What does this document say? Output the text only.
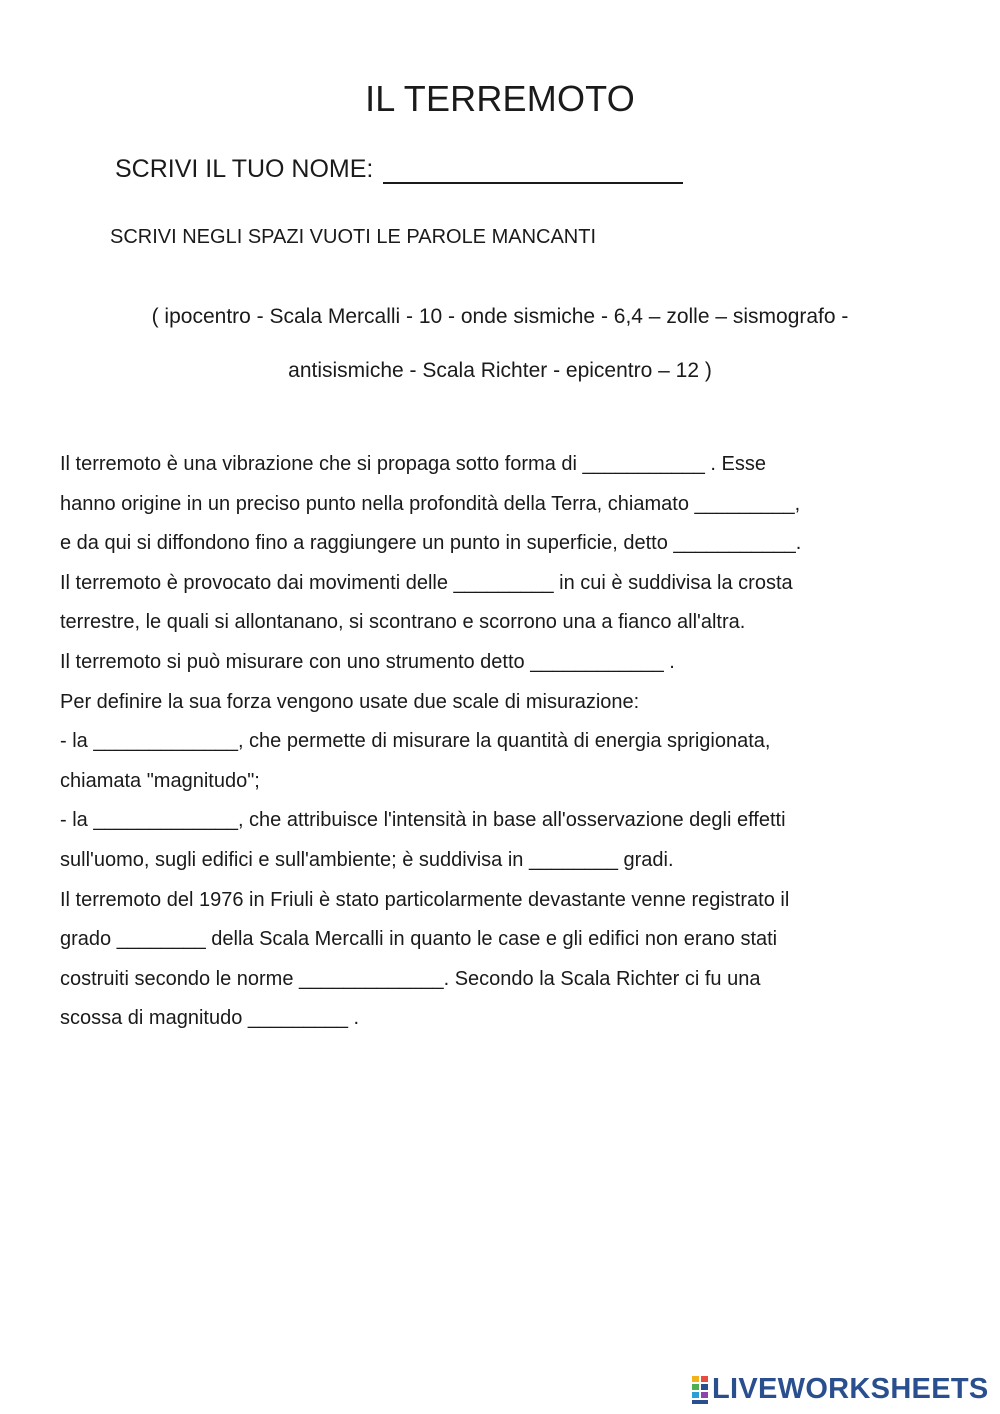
IL TERREMOTO
SCRIVI IL TUO NOME:
SCRIVI NEGLI SPAZI VUOTI LE PAROLE MANCANTI
( ipocentro - Scala Mercalli - 10 - onde sismiche - 6,4 – zolle – sismografo -
antisismiche - Scala Richter - epicentro – 12 )
Il terremoto è una vibrazione che si propaga sotto forma di ___________ . Esse
hanno origine in un preciso punto nella profondità della Terra, chiamato _________,
e da qui si diffondono fino a raggiungere un punto in superficie, detto ___________.
Il terremoto è provocato dai movimenti delle _________ in cui è suddivisa la crosta
terrestre, le quali si allontanano, si scontrano e scorrono una a fianco all'altra.
Il terremoto si può misurare con uno strumento detto ____________ .
Per definire la sua forza vengono usate due scale di misurazione:
- la _____________, che permette di misurare la quantità di energia sprigionata,
chiamata "magnitudo";
- la _____________, che attribuisce l'intensità in base all'osservazione degli effetti
sull'uomo, sugli edifici e sull'ambiente; è suddivisa in ________ gradi.
Il terremoto del 1976 in Friuli è stato particolarmente devastante venne registrato il
grado ________ della Scala Mercalli in quanto le case e gli edifici non erano stati
costruiti secondo le norme _____________. Secondo la Scala Richter ci fu una
scossa di magnitudo _________ .
LIVEWORKSHEETS
